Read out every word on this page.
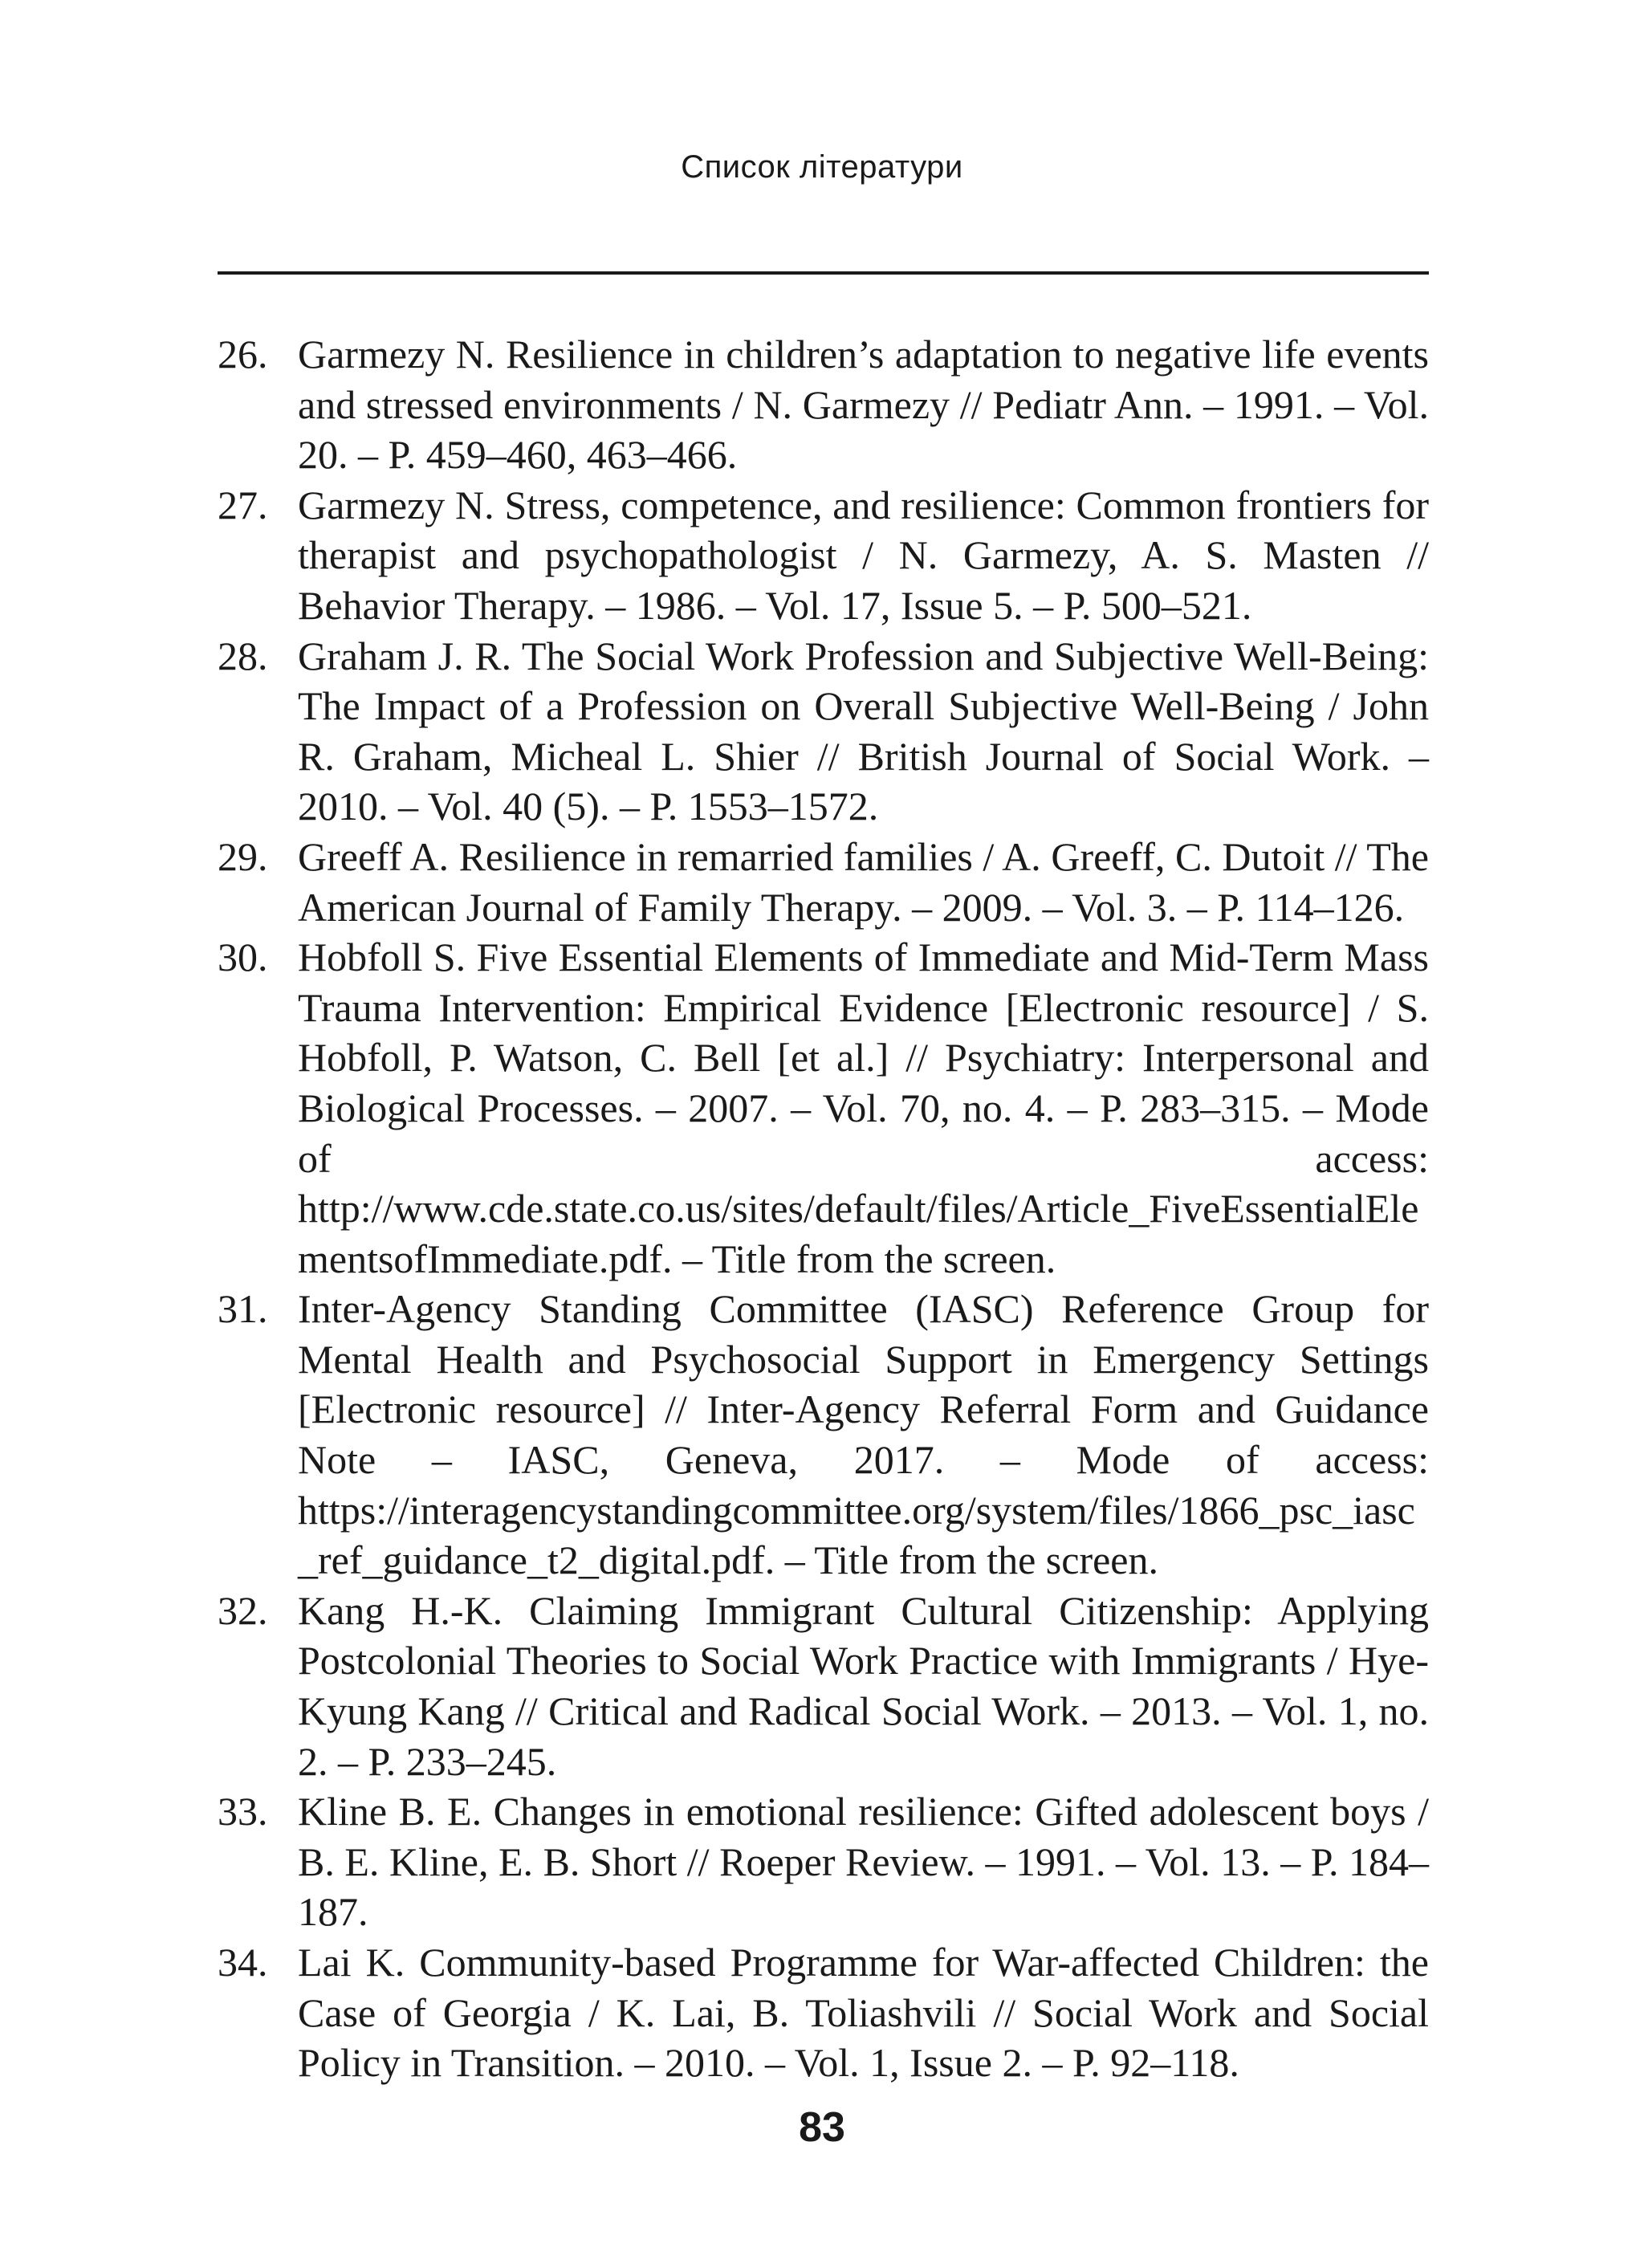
Список літератури
26. Garmezy N. Resilience in children’s adaptation to negative life events and stressed environments / N. Garmezy // Pediatr Ann. – 1991. – Vol. 20. – P. 459–460, 463–466.
27. Garmezy N. Stress, competence, and resilience: Common frontiers for therapist and psychopathologist / N. Garmezy, A. S. Masten // Behavior Therapy. – 1986. – Vol. 17, Issue 5. – P. 500–521.
28. Graham J. R. The Social Work Profession and Subjective Well-Being: The Impact of a Profession on Overall Subjective Well-Being / John R. Graham, Micheal L. Shier // British Journal of Social Work. – 2010. – Vol. 40 (5). – P. 1553–1572.
29. Greeff A. Resilience in remarried families / A. Greeff, C. Dutoit // The American Journal of Family Therapy. – 2009. – Vol. 3. – P. 114–126.
30. Hobfoll S. Five Essential Elements of Immediate and Mid-Term Mass Trauma Intervention: Empirical Evidence [Electronic resource] / S. Hobfoll, P. Watson, C. Bell [et al.] // Psychiatry: Interpersonal and Biological Processes. – 2007. – Vol. 70, no. 4. – P. 283–315. – Mode of access: http://www.cde.state.co.us/sites/default/files/Article_FiveEssentialElementsofImmediate.pdf. – Title from the screen.
31. Inter-Agency Standing Committee (IASC) Reference Group for Mental Health and Psychosocial Support in Emergency Settings [Electronic resource] // Inter-Agency Referral Form and Guidance Note – IASC, Geneva, 2017. – Mode of access: https://interagencystandingcommittee.org/system/files/1866_psc_iasc_ref_guidance_t2_digital.pdf. – Title from the screen.
32. Kang H.-K. Claiming Immigrant Cultural Citizenship: Applying Postcolonial Theories to Social Work Practice with Immigrants / Hye-Kyung Kang // Critical and Radical Social Work. – 2013. – Vol. 1, no. 2. – P. 233–245.
33. Kline B. E. Changes in emotional resilience: Gifted adolescent boys / B. E. Kline, E. B. Short // Roeper Review. – 1991. – Vol. 13. – P. 184–187.
34. Lai K. Community-based Programme for War-affected Children: the Case of Georgia / K. Lai, B. Toliashvili // Social Work and Social Policy in Transition. – 2010. – Vol. 1, Issue 2. – P. 92–118.
83
